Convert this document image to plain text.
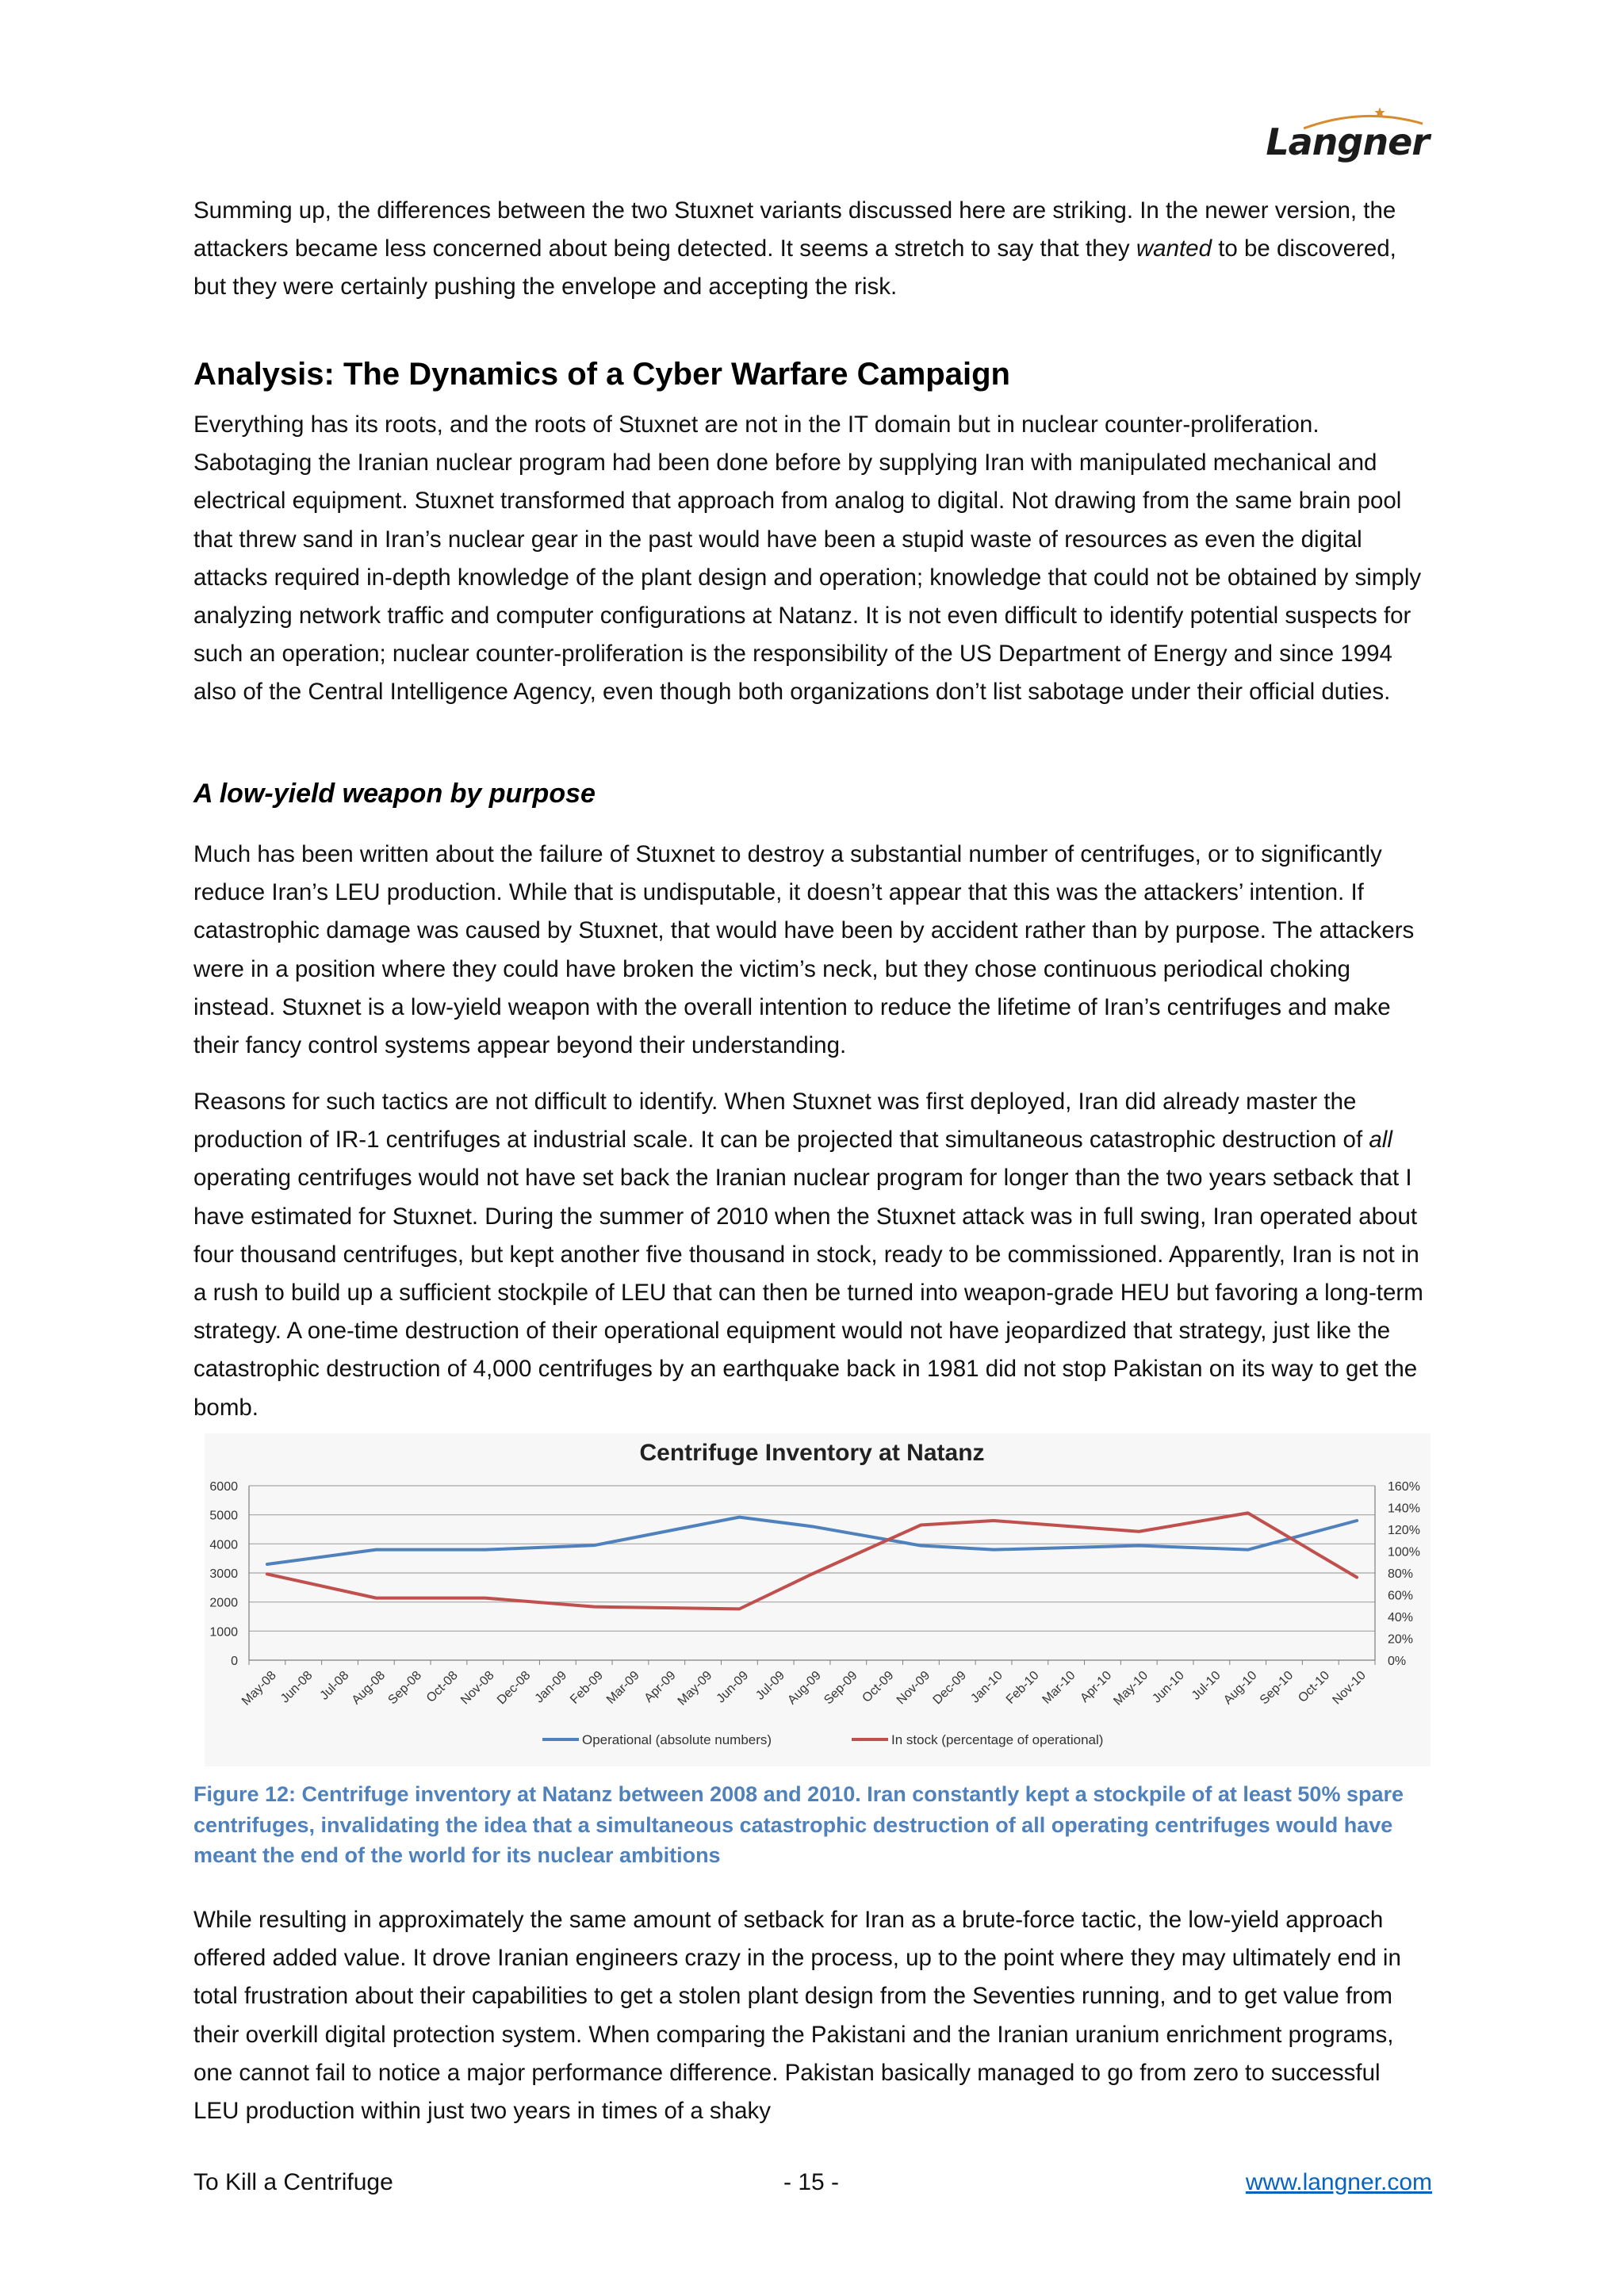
Langner

Summing up, the differences between the two Stuxnet variants discussed here are striking. In the newer version, the attackers became less concerned about being detected. It seems a stretch to say that they wanted to be discovered, but they were certainly pushing the envelope and accepting the risk.

Analysis: The Dynamics of a Cyber Warfare Campaign

Everything has its roots, and the roots of Stuxnet are not in the IT domain but in nuclear counter-proliferation. Sabotaging the Iranian nuclear program had been done before by supplying Iran with manipulated mechanical and electrical equipment. Stuxnet transformed that approach from analog to digital. Not drawing from the same brain pool that threw sand in Iran’s nuclear gear in the past would have been a stupid waste of resources as even the digital attacks required in-depth knowledge of the plant design and operation; knowledge that could not be obtained by simply analyzing network traffic and computer configurations at Natanz. It is not even difficult to identify potential suspects for such an operation; nuclear counter-proliferation is the responsibility of the US Department of Energy and since 1994 also of the Central Intelligence Agency, even though both organizations don’t list sabotage under their official duties.

A low-yield weapon by purpose

Much has been written about the failure of Stuxnet to destroy a substantial number of centrifuges, or to significantly reduce Iran’s LEU production. While that is undisputable, it doesn’t appear that this was the attackers’ intention. If catastrophic damage was caused by Stuxnet, that would have been by accident rather than by purpose. The attackers were in a position where they could have broken the victim’s neck, but they chose continuous periodical choking instead. Stuxnet is a low-yield weapon with the overall intention to reduce the lifetime of Iran’s centrifuges and make their fancy control systems appear beyond their understanding.

Reasons for such tactics are not difficult to identify. When Stuxnet was first deployed, Iran did already master the production of IR-1 centrifuges at industrial scale. It can be projected that simultaneous catastrophic destruction of all operating centrifuges would not have set back the Iranian nuclear program for longer than the two years setback that I have estimated for Stuxnet. During the summer of 2010 when the Stuxnet attack was in full swing, Iran operated about four thousand centrifuges, but kept another five thousand in stock, ready to be commissioned. Apparently, Iran is not in a rush to build up a sufficient stockpile of LEU that can then be turned into weapon-grade HEU but favoring a long-term strategy. A one-time destruction of their operational equipment would not have jeopardized that strategy, just like the catastrophic destruction of 4,000 centrifuges by an earthquake back in 1981 did not stop Pakistan on its way to get the bomb.

Centrifuge Inventory at Natanz
0
1000
2000
3000
4000
5000
6000
0%
20%
40%
60%
80%
100%
120%
140%
160%
May-08 Jun-08 Jul-08
Aug-08
Sep-08 Oct-08
Nov-08
Dec-08 Jan-09
Feb-09
Mar-09 Apr-09
May-09 Jun-09 Jul-09
Aug-09
Sep-09 Oct-09
Nov-09
Dec-09 Jan-10
Feb-10
Mar-10 Apr-10
May-10 Jun-10 Jul-10
Aug-10
Sep-10 Oct-10
Nov-10
Operational (absolute numbers)	In stock (percentage of operational)

Figure 12: Centrifuge inventory at Natanz between 2008 and 2010. Iran constantly kept a stockpile of at least 50% spare centrifuges, invalidating the idea that a simultaneous catastrophic destruction of all operating centrifuges would have meant the end of the world for its nuclear ambitions

While resulting in approximately the same amount of setback for Iran as a brute-force tactic, the low-yield approach offered added value. It drove Iranian engineers crazy in the process, up to the point where they may ultimately end in total frustration about their capabilities to get a stolen plant design from the Seventies running, and to get value from their overkill digital protection system. When comparing the Pakistani and the Iranian uranium enrichment programs, one cannot fail to notice a major performance difference. Pakistan basically managed to go from zero to successful LEU production within just two years in times of a shaky

To Kill a Centrifuge	- 15 -	www.langner.com
